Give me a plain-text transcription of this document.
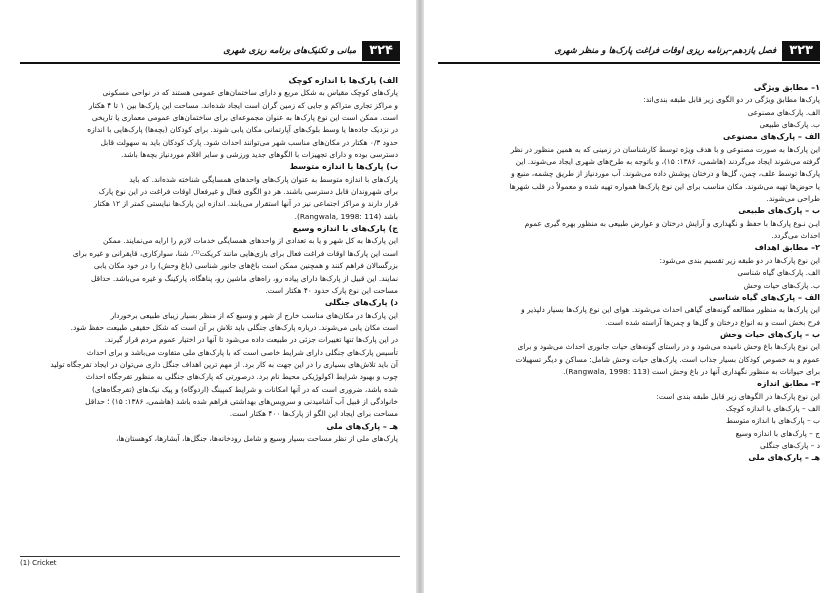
۳۲۴
مبانی و تکنیک‌های برنامه ریزی شهری

الف) پارک‌ها با اندازه کوچک

پارک‌های کوچک مقیاس به شکل مربع و دارای ساختمان‌های عمومی هستند که در نواحی مسکونی

و مراکز تجاری متراکم و جایی که زمین گران است ایجاد شده‌اند. مساحت این پارک‌ها بین ۱ تا ۴ هکتار

است. ممکن است این نوع پارک‌ها به عنوان مجموعه‌ای برای ساختمان‌های عمومی معماری یا تاریخی

در نزدیک جاده‌ها یا وسط بلوک‌های آپارتمانی مکان یابی شوند. برای کودکان (بچه‌ها) پارک‌هایی با اندازه

حدود ۰/۳ هکتار در مکان‌های مناسب شهر می‌توانند احداث شود. پارک کودکان باید به سهولت قابل

دسترسی بوده و دارای تجهیزات با الگوهای جدید ورزشی و سایر اقلام موردنیاز بچه‌ها باشد.

ب) پارک‌ها با اندازه متوسط

پارک‌های با اندازه متوسط به عنوان پارک‌های واحدهای همسایگی شناخته شده‌اند. که باید

برای شهروندان قابل دسترسی باشند. هر دو الگوی فعال و غیرفعال اوقات فراغت در این نوع پارک

قرار دارند و مراکز اجتماعی نیز در آنها استقرار می‌یابند. اندازه این پارک‌ها نبایستی کمتر از ۱۲ هکتار

باشد (Rangwala, 1998: 114).

ج) پارک‌های با اندازه وسیع

این پارک‌ها به کل شهر و یا به تعدادی از واحدهای همسایگی خدمات لازم را ارایه می‌نمایند. ممکن

است این پارک‌ها اوقات فراغت فعال برای بازی‌هایی مانند کریکت⁽¹⁾، شنا، سوارکاری، قایقرانی و غیره برای

بزرگسالان فراهم کنند و همچنین ممکن است باغ‌های جانور شناسی (باغ وحش) را در خود مکان یابی

نمایند. این قبیل از پارک‌ها دارای پیاده رو، راه‌های ماشین رو، پناهگاه، پارکینگ و غیره می‌باشد. حداقل

مساحت این نوع پارک حدود ۴۰ هکتار است.

د) پارک‌های جنگلی

این پارک‌ها در مکان‌های مناسب خارج از شهر و وسیع که از منظر بسیار زیبای طبیعی برخوردار

است مکان یابی می‌شوند. درباره پارک‌های جنگلی باید تلاش بر آن است که شکل حقیقی طبیعت حفظ شود.

در این پارک‌ها تنها تغییرات جزئی در طبیعت داده می‌شود تا آنها در اختیار عموم مردم قرار گیرند.

تأسیس پارک‌های جنگلی دارای شرایط خاصی است که با پارک‌های ملی متفاوت می‌باشد و برای احداث

آن باید تلاش‌های بسیاری را در این جهت به کار برد. از مهم ترین اهداف جنگل داری می‌توان در ایجاد تفرجگاه تولید

چوب و بهبود شرایط اکولوژیکی محیط نام برد. درصورتی که پارک‌های جنگلی به منظور تفرجگاه احداث

شده باشد، ضروری است که در آنها امکانات و شرایط کمپینگ (اردوگاه) و پیک نیک‌های (تفرجگاه‌های)

خانوادگی از قبیل آب آشامیدنی و سرویس‌های بهداشتی فراهم شده باشد (هاشمی، ۱۳۸۶: ۱۵) ؛ حداقل

مساحت برای ایجاد این الگو از پارک‌ها ۴۰۰ هکتار است.

هـ – پارک‌های ملی

پارک‌های ملی از نظر مساحت بسیار وسیع و شامل رودخانه‌ها، جنگل‌ها، آبشارها، کوهستان‌ها،

(1) Cricket
۳۲۳
فصل یازدهم–برنامه ریزی اوقات فراغت پارک‌ها و منظر شهری

۱– مطابق ویژگی

پارک‌ها مطابق ویژگی در دو الگوی زیر قابل طبقه بندی‌اند:

الف. پارک‌های مصنوعی

ب. پارک‌های طبیعی

الف – پارک‌های مصنوعی

این پارک‌ها به صورت مصنوعی و با هدف ویژه توسط کارشناسان در زمینی که به همین منظور در نظر

گرفته می‌شوند ایجاد می‌گردند (هاشمی، ۱۳۸۶: ۱۵)، و باتوجه به طرح‌های شهری ایجاد می‌شوند. این

پارک‌ها توسط علف، چمن، گل‌ها و درختان پوشش داده می‌شوند. آب موردنیاز از طریق چشمه، منبع و

یا حوض‌ها تهیه می‌شوند. مکان مناسب برای این نوع پارک‌ها همواره تهیه شده و معمولاً در قلب شهرها

طراحی می‌شوند.

ب – پارک‌های طبیعی

ایـن نـوع پارک‌ها با حفظ و نگهداری و آرایش درختان و عوارض طبیعی به منظور بهره گیری عموم

احداث می‌گردد.

۲– مطابق اهداف

این نوع پارک‌ها در دو طبقه زیر تقسیم بندی می‌شود:

الف. پارک‌های گیاه شناسی

ب. پارک‌های حیات وحش

الف – پارک‌های گیاه شناسی

این پارک‌ها به منظور مطالعه گونه‌های گیاهی احداث می‌شوند. هوای این نوع پارک‌ها بسیار دلپذیر و

فرح بخش است و به انواع درختان و گل‌ها و چمن‌ها آراسته شده است.

ب – پارک‌های حیات وحش

این نوع پارک‌ها باغ وحش نامیده می‌شود و در راستای گونه‌های حیات جانوری احداث می‌شود و برای

عموم و به خصوص کودکان بسیار جذاب است. پارک‌های حیات وحش شامل: مساکن و دیگر تسهیلات

برای حیوانات به منظور نگهداری آنها در باغ وحش است (Rangwala, 1998: 113).

۳– مطابق اندازه

این نوع پارک‌ها در الگوهای زیر قابل طبقه بندی است:

الف – پارک‌های با اندازه کوچک

ب – پارک‌های با اندازه متوسط

ج – پارک‌های با اندازه وسیع

د – پارک‌های جنگلی

هـ – پارک‌های ملی
